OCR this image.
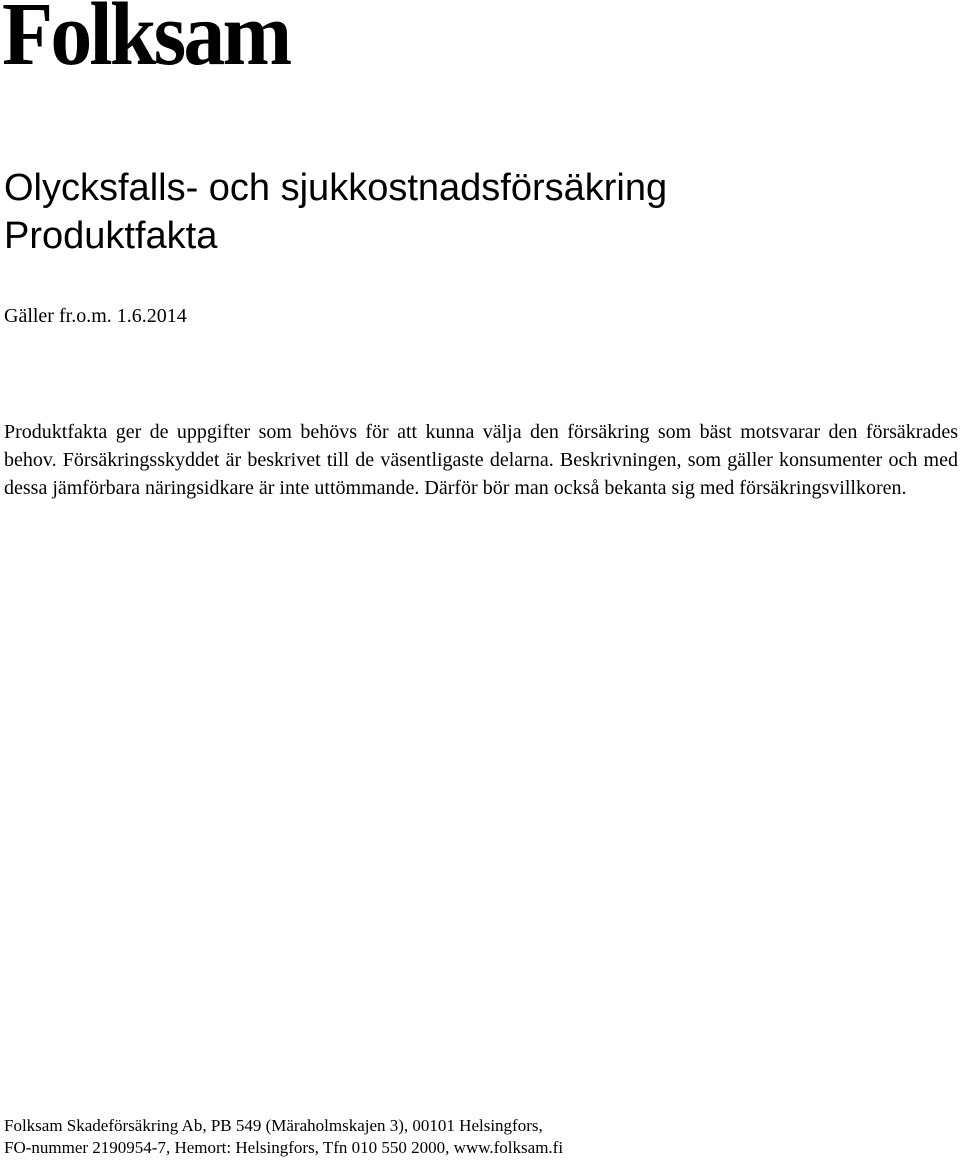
Folksam
Olycksfalls- och sjukkostnadsförsäkring
Produktfakta
Gäller fr.o.m. 1.6.2014

Produktfakta ger de uppgifter som behövs för att kunna välja den försäkring som bäst motsvarar den försäkrades behov. Försäkringsskyddet är beskrivet till de väsentligaste delarna. Beskrivningen, som gäller konsumenter och med dessa jämförbara näringsidkare är inte uttömmande. Därför bör man också bekanta sig med försäkringsvillkoren.

Folksam Skadeförsäkring Ab, PB 549 (Märaholmskajen 3), 00101 Helsingfors,
FO-nummer 2190954-7, Hemort: Helsingfors, Tfn 010 550 2000, www.folksam.fi
